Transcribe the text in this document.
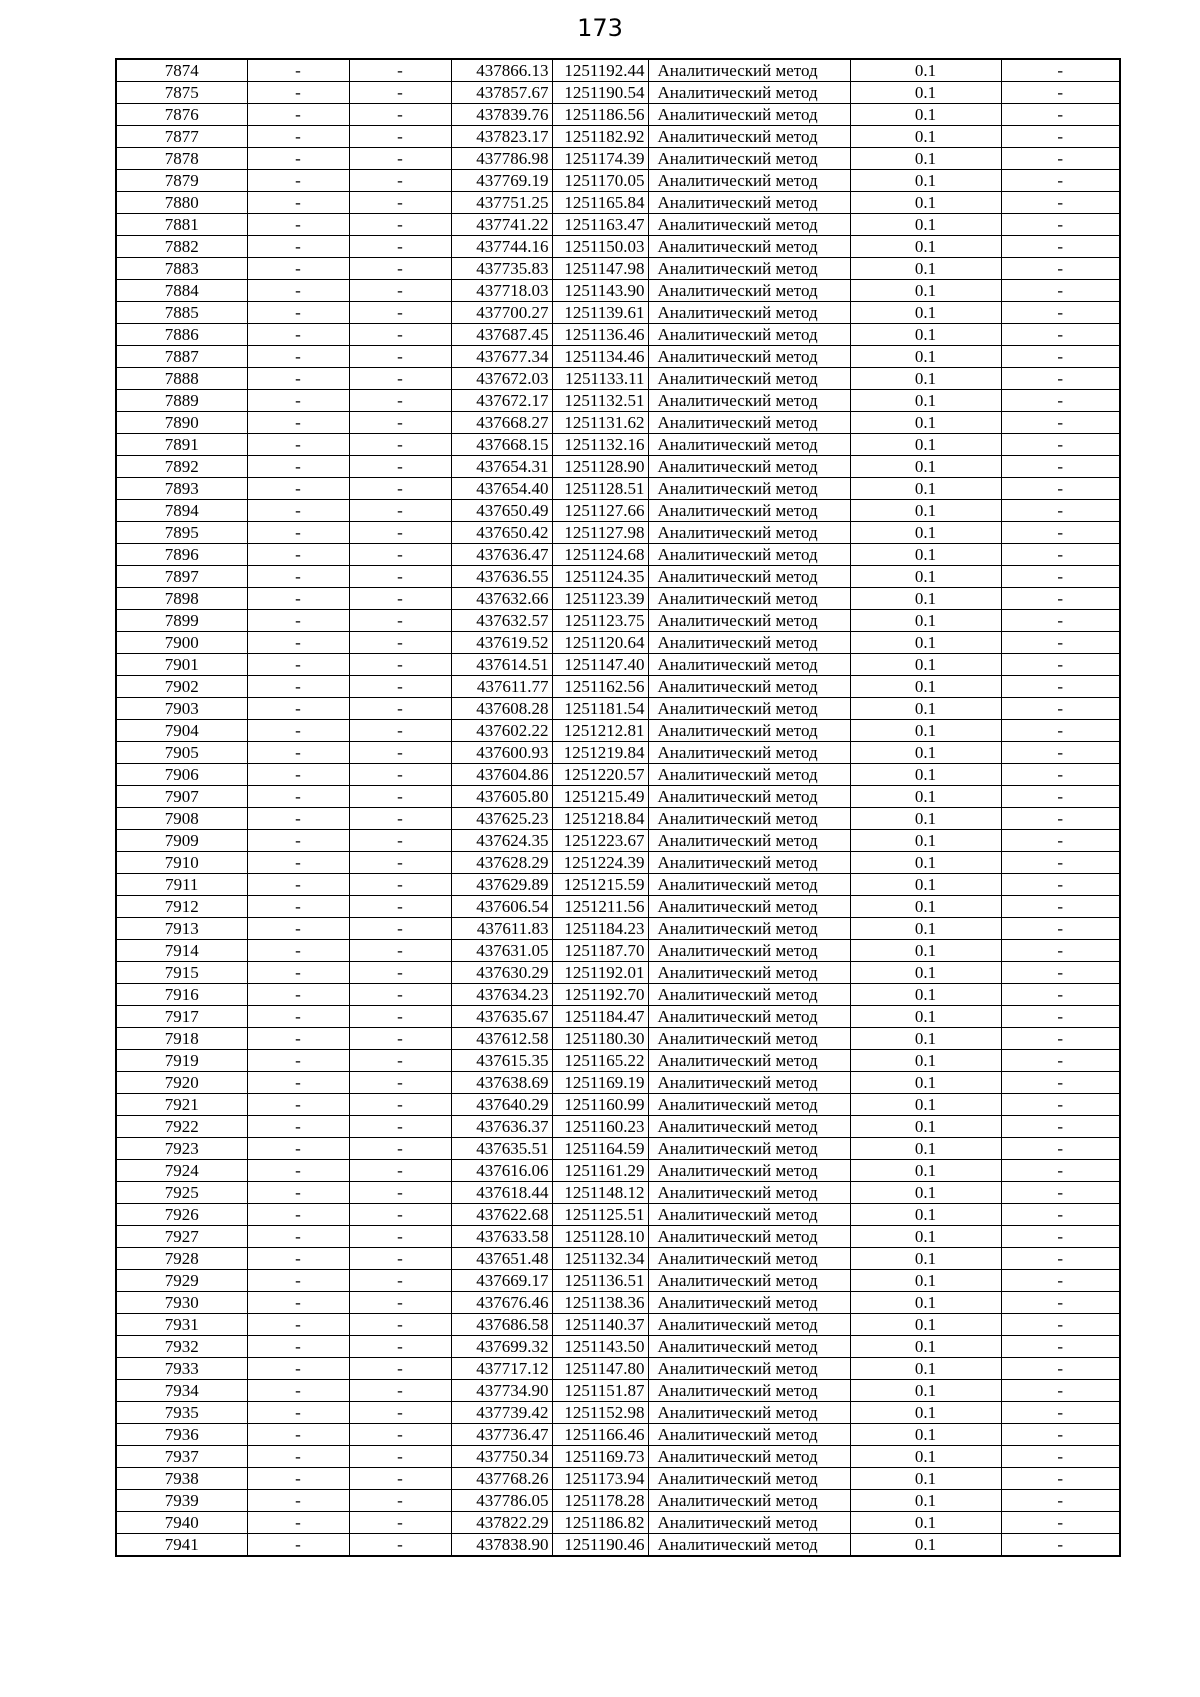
173
7874	-	-	437866.13	1251192.44	Аналитический метод	0.1	-
7875	-	-	437857.67	1251190.54	Аналитический метод	0.1	-
7876	-	-	437839.76	1251186.56	Аналитический метод	0.1	-
7877	-	-	437823.17	1251182.92	Аналитический метод	0.1	-
7878	-	-	437786.98	1251174.39	Аналитический метод	0.1	-
7879	-	-	437769.19	1251170.05	Аналитический метод	0.1	-
7880	-	-	437751.25	1251165.84	Аналитический метод	0.1	-
7881	-	-	437741.22	1251163.47	Аналитический метод	0.1	-
7882	-	-	437744.16	1251150.03	Аналитический метод	0.1	-
7883	-	-	437735.83	1251147.98	Аналитический метод	0.1	-
7884	-	-	437718.03	1251143.90	Аналитический метод	0.1	-
7885	-	-	437700.27	1251139.61	Аналитический метод	0.1	-
7886	-	-	437687.45	1251136.46	Аналитический метод	0.1	-
7887	-	-	437677.34	1251134.46	Аналитический метод	0.1	-
7888	-	-	437672.03	1251133.11	Аналитический метод	0.1	-
7889	-	-	437672.17	1251132.51	Аналитический метод	0.1	-
7890	-	-	437668.27	1251131.62	Аналитический метод	0.1	-
7891	-	-	437668.15	1251132.16	Аналитический метод	0.1	-
7892	-	-	437654.31	1251128.90	Аналитический метод	0.1	-
7893	-	-	437654.40	1251128.51	Аналитический метод	0.1	-
7894	-	-	437650.49	1251127.66	Аналитический метод	0.1	-
7895	-	-	437650.42	1251127.98	Аналитический метод	0.1	-
7896	-	-	437636.47	1251124.68	Аналитический метод	0.1	-
7897	-	-	437636.55	1251124.35	Аналитический метод	0.1	-
7898	-	-	437632.66	1251123.39	Аналитический метод	0.1	-
7899	-	-	437632.57	1251123.75	Аналитический метод	0.1	-
7900	-	-	437619.52	1251120.64	Аналитический метод	0.1	-
7901	-	-	437614.51	1251147.40	Аналитический метод	0.1	-
7902	-	-	437611.77	1251162.56	Аналитический метод	0.1	-
7903	-	-	437608.28	1251181.54	Аналитический метод	0.1	-
7904	-	-	437602.22	1251212.81	Аналитический метод	0.1	-
7905	-	-	437600.93	1251219.84	Аналитический метод	0.1	-
7906	-	-	437604.86	1251220.57	Аналитический метод	0.1	-
7907	-	-	437605.80	1251215.49	Аналитический метод	0.1	-
7908	-	-	437625.23	1251218.84	Аналитический метод	0.1	-
7909	-	-	437624.35	1251223.67	Аналитический метод	0.1	-
7910	-	-	437628.29	1251224.39	Аналитический метод	0.1	-
7911	-	-	437629.89	1251215.59	Аналитический метод	0.1	-
7912	-	-	437606.54	1251211.56	Аналитический метод	0.1	-
7913	-	-	437611.83	1251184.23	Аналитический метод	0.1	-
7914	-	-	437631.05	1251187.70	Аналитический метод	0.1	-
7915	-	-	437630.29	1251192.01	Аналитический метод	0.1	-
7916	-	-	437634.23	1251192.70	Аналитический метод	0.1	-
7917	-	-	437635.67	1251184.47	Аналитический метод	0.1	-
7918	-	-	437612.58	1251180.30	Аналитический метод	0.1	-
7919	-	-	437615.35	1251165.22	Аналитический метод	0.1	-
7920	-	-	437638.69	1251169.19	Аналитический метод	0.1	-
7921	-	-	437640.29	1251160.99	Аналитический метод	0.1	-
7922	-	-	437636.37	1251160.23	Аналитический метод	0.1	-
7923	-	-	437635.51	1251164.59	Аналитический метод	0.1	-
7924	-	-	437616.06	1251161.29	Аналитический метод	0.1	-
7925	-	-	437618.44	1251148.12	Аналитический метод	0.1	-
7926	-	-	437622.68	1251125.51	Аналитический метод	0.1	-
7927	-	-	437633.58	1251128.10	Аналитический метод	0.1	-
7928	-	-	437651.48	1251132.34	Аналитический метод	0.1	-
7929	-	-	437669.17	1251136.51	Аналитический метод	0.1	-
7930	-	-	437676.46	1251138.36	Аналитический метод	0.1	-
7931	-	-	437686.58	1251140.37	Аналитический метод	0.1	-
7932	-	-	437699.32	1251143.50	Аналитический метод	0.1	-
7933	-	-	437717.12	1251147.80	Аналитический метод	0.1	-
7934	-	-	437734.90	1251151.87	Аналитический метод	0.1	-
7935	-	-	437739.42	1251152.98	Аналитический метод	0.1	-
7936	-	-	437736.47	1251166.46	Аналитический метод	0.1	-
7937	-	-	437750.34	1251169.73	Аналитический метод	0.1	-
7938	-	-	437768.26	1251173.94	Аналитический метод	0.1	-
7939	-	-	437786.05	1251178.28	Аналитический метод	0.1	-
7940	-	-	437822.29	1251186.82	Аналитический метод	0.1	-
7941	-	-	437838.90	1251190.46	Аналитический метод	0.1	-
